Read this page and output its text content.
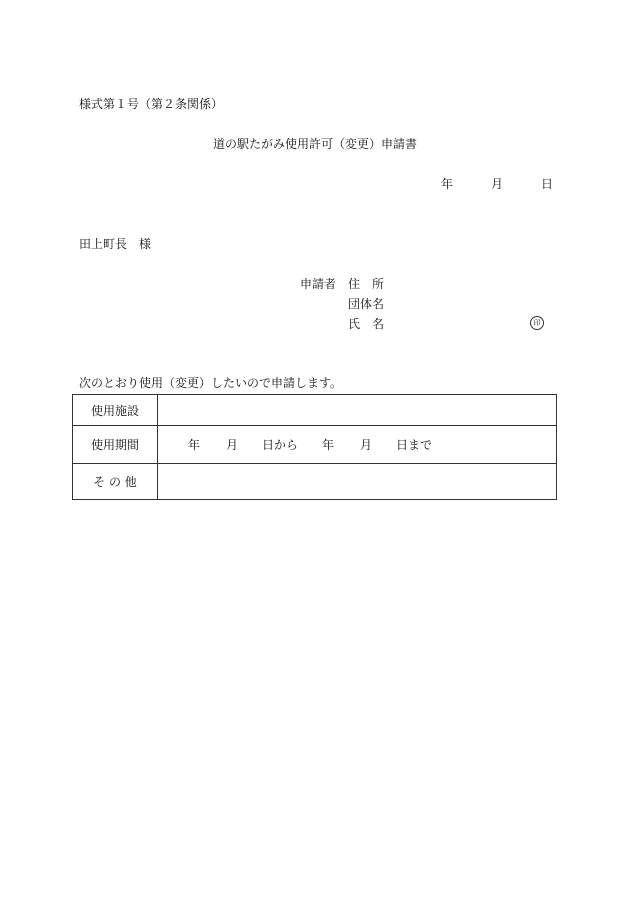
様式第１号（第２条関係）
道の駅たがみ使用許可（変更）申請書
年	月	日
田上町長　様
申請者 住　所
団体名
氏　名	印
次のとおり使用（変更）したいので申請します。
使用施設	
使用期間	年 月 日から 年 月 日まで
そ の 他	
